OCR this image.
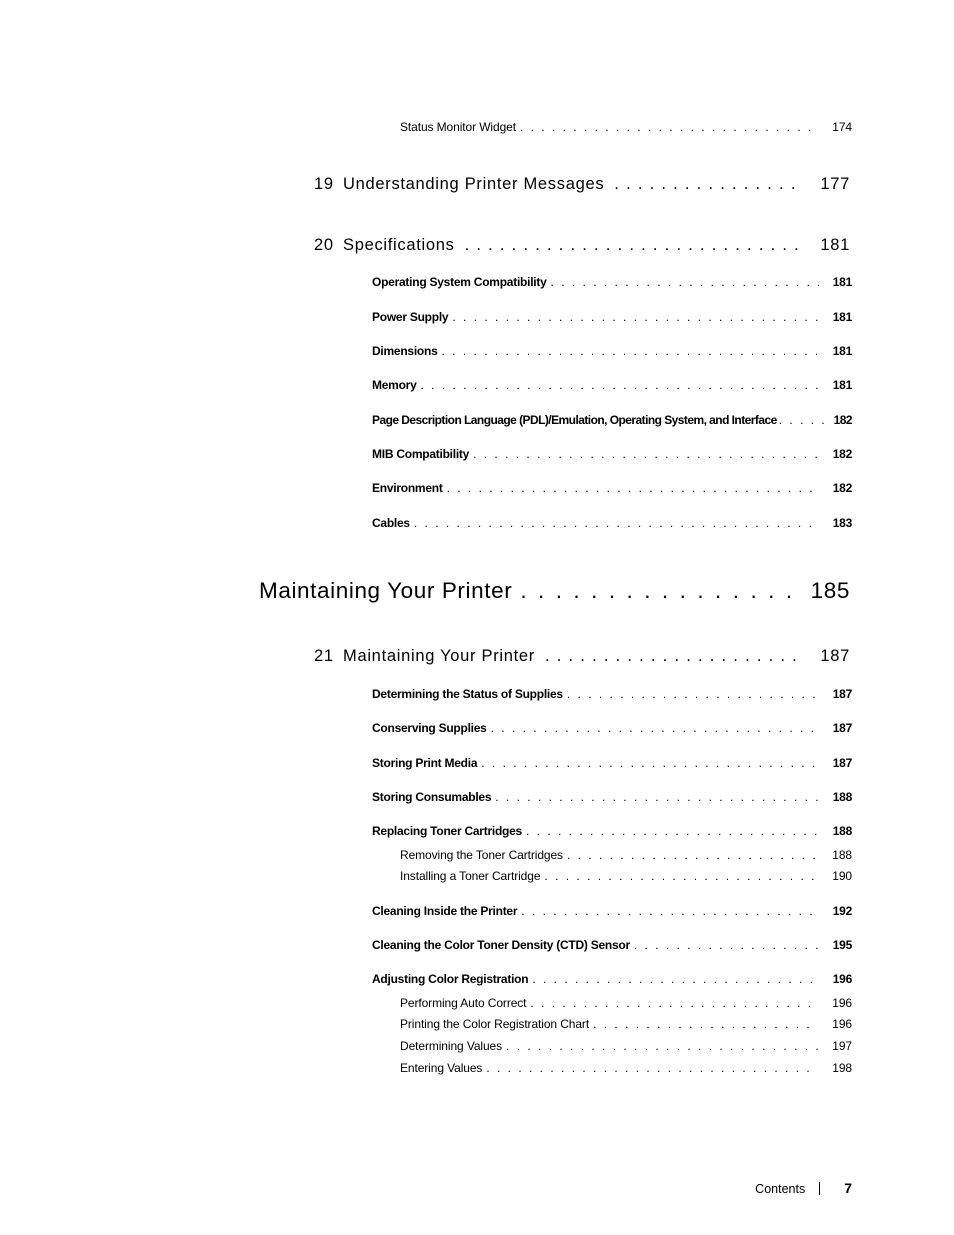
Status Monitor Widget . . .	174
19 Understanding Printer Messages . . .	177
20 Specifications . . .	181
Operating System Compatibility . . .	181
Power Supply . . .	181
Dimensions . . .	181
Memory . . .	181
Page Description Language (PDL)/Emulation, Operating System, and Interface . . .	182
MIB Compatibility . . .	182
Environment . . .	182
Cables . . .	183
Maintaining Your Printer . . .	185
21 Maintaining Your Printer . . .	187
Determining the Status of Supplies . . .	187
Conserving Supplies . . .	187
Storing Print Media . . .	187
Storing Consumables . . .	188
Replacing Toner Cartridges . . .	188
Removing the Toner Cartridges . . .	188
Installing a Toner Cartridge . . .	190
Cleaning Inside the Printer . . .	192
Cleaning the Color Toner Density (CTD) Sensor . . .	195
Adjusting Color Registration . . .	196
Performing Auto Correct . . .	196
Printing the Color Registration Chart . . .	196
Determining Values . . .	197
Entering Values . . .	198
Contents	7
